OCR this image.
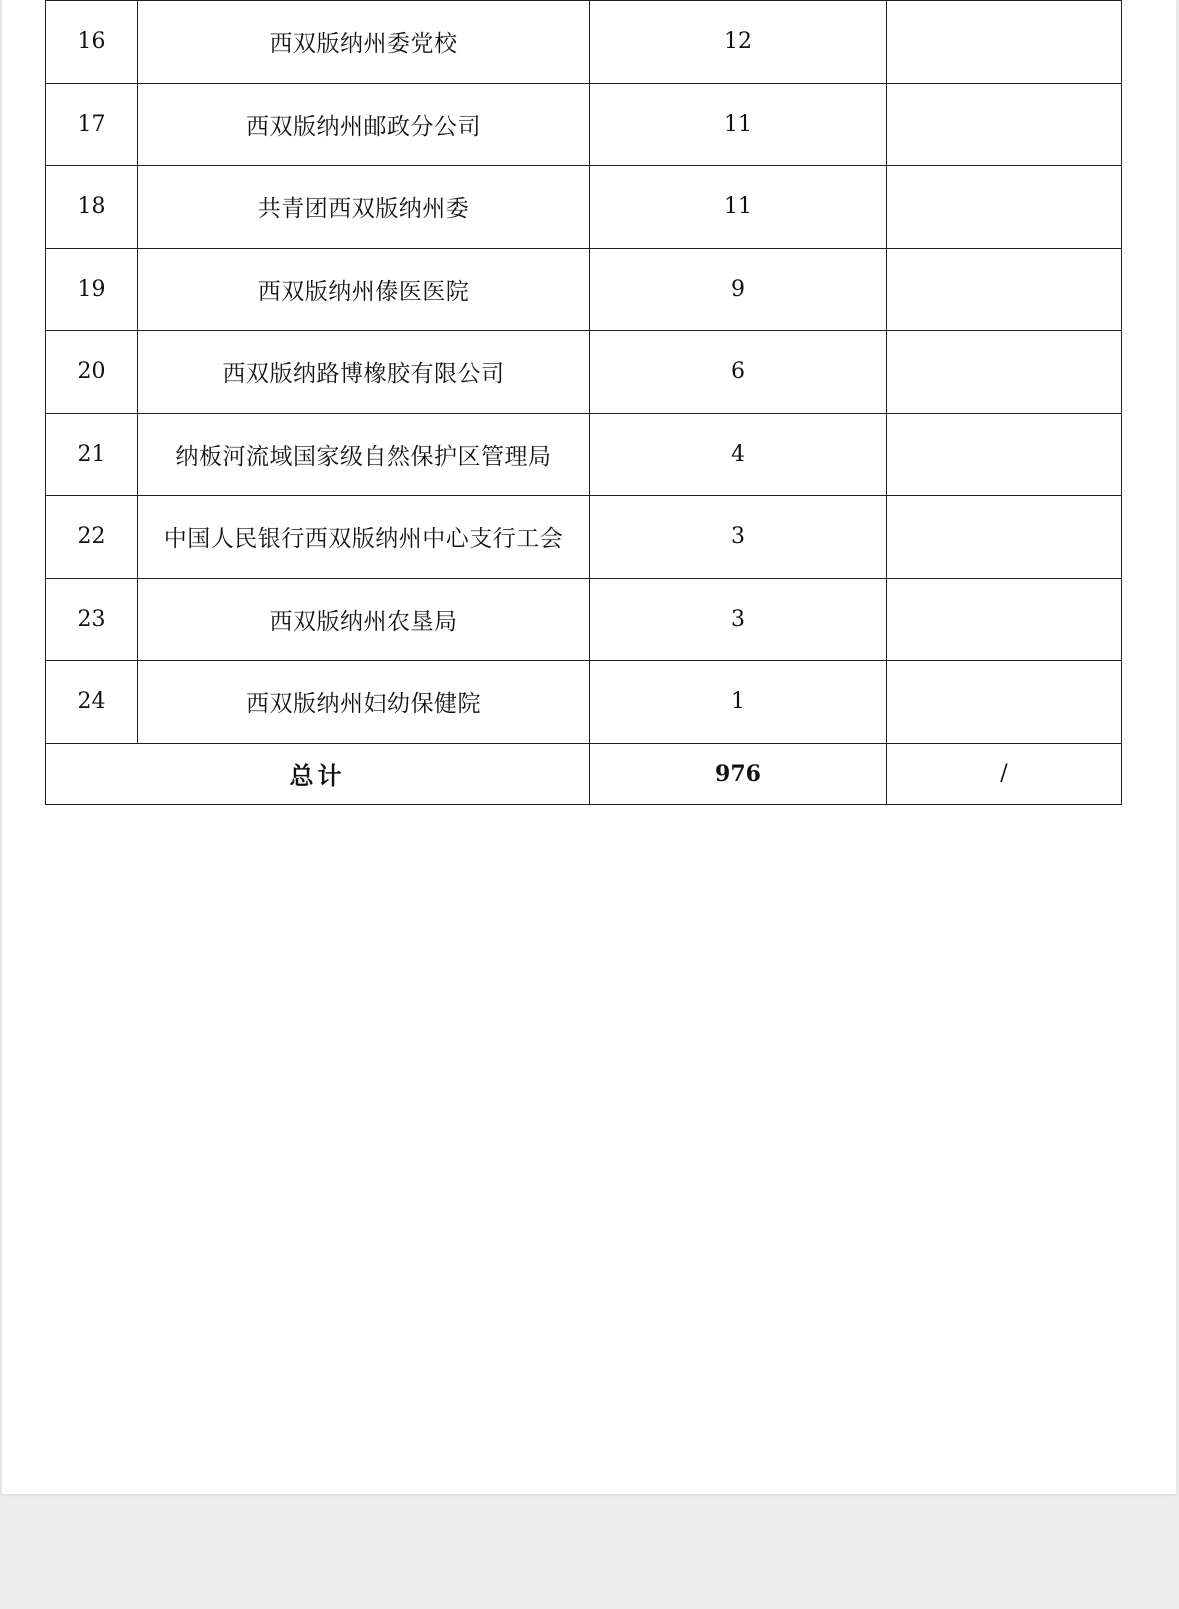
16	西双版纳州委党校	12	
17	西双版纳州邮政分公司	11	
18	共青团西双版纳州委	11	
19	西双版纳州傣医医院	9	
20	西双版纳路博橡胶有限公司	6	
21	纳板河流域国家级自然保护区管理局	4	
22	中国人民银行西双版纳州中心支行工会	3	
23	西双版纳州农垦局	3	
24	西双版纳州妇幼保健院	1	
总计		976	/
